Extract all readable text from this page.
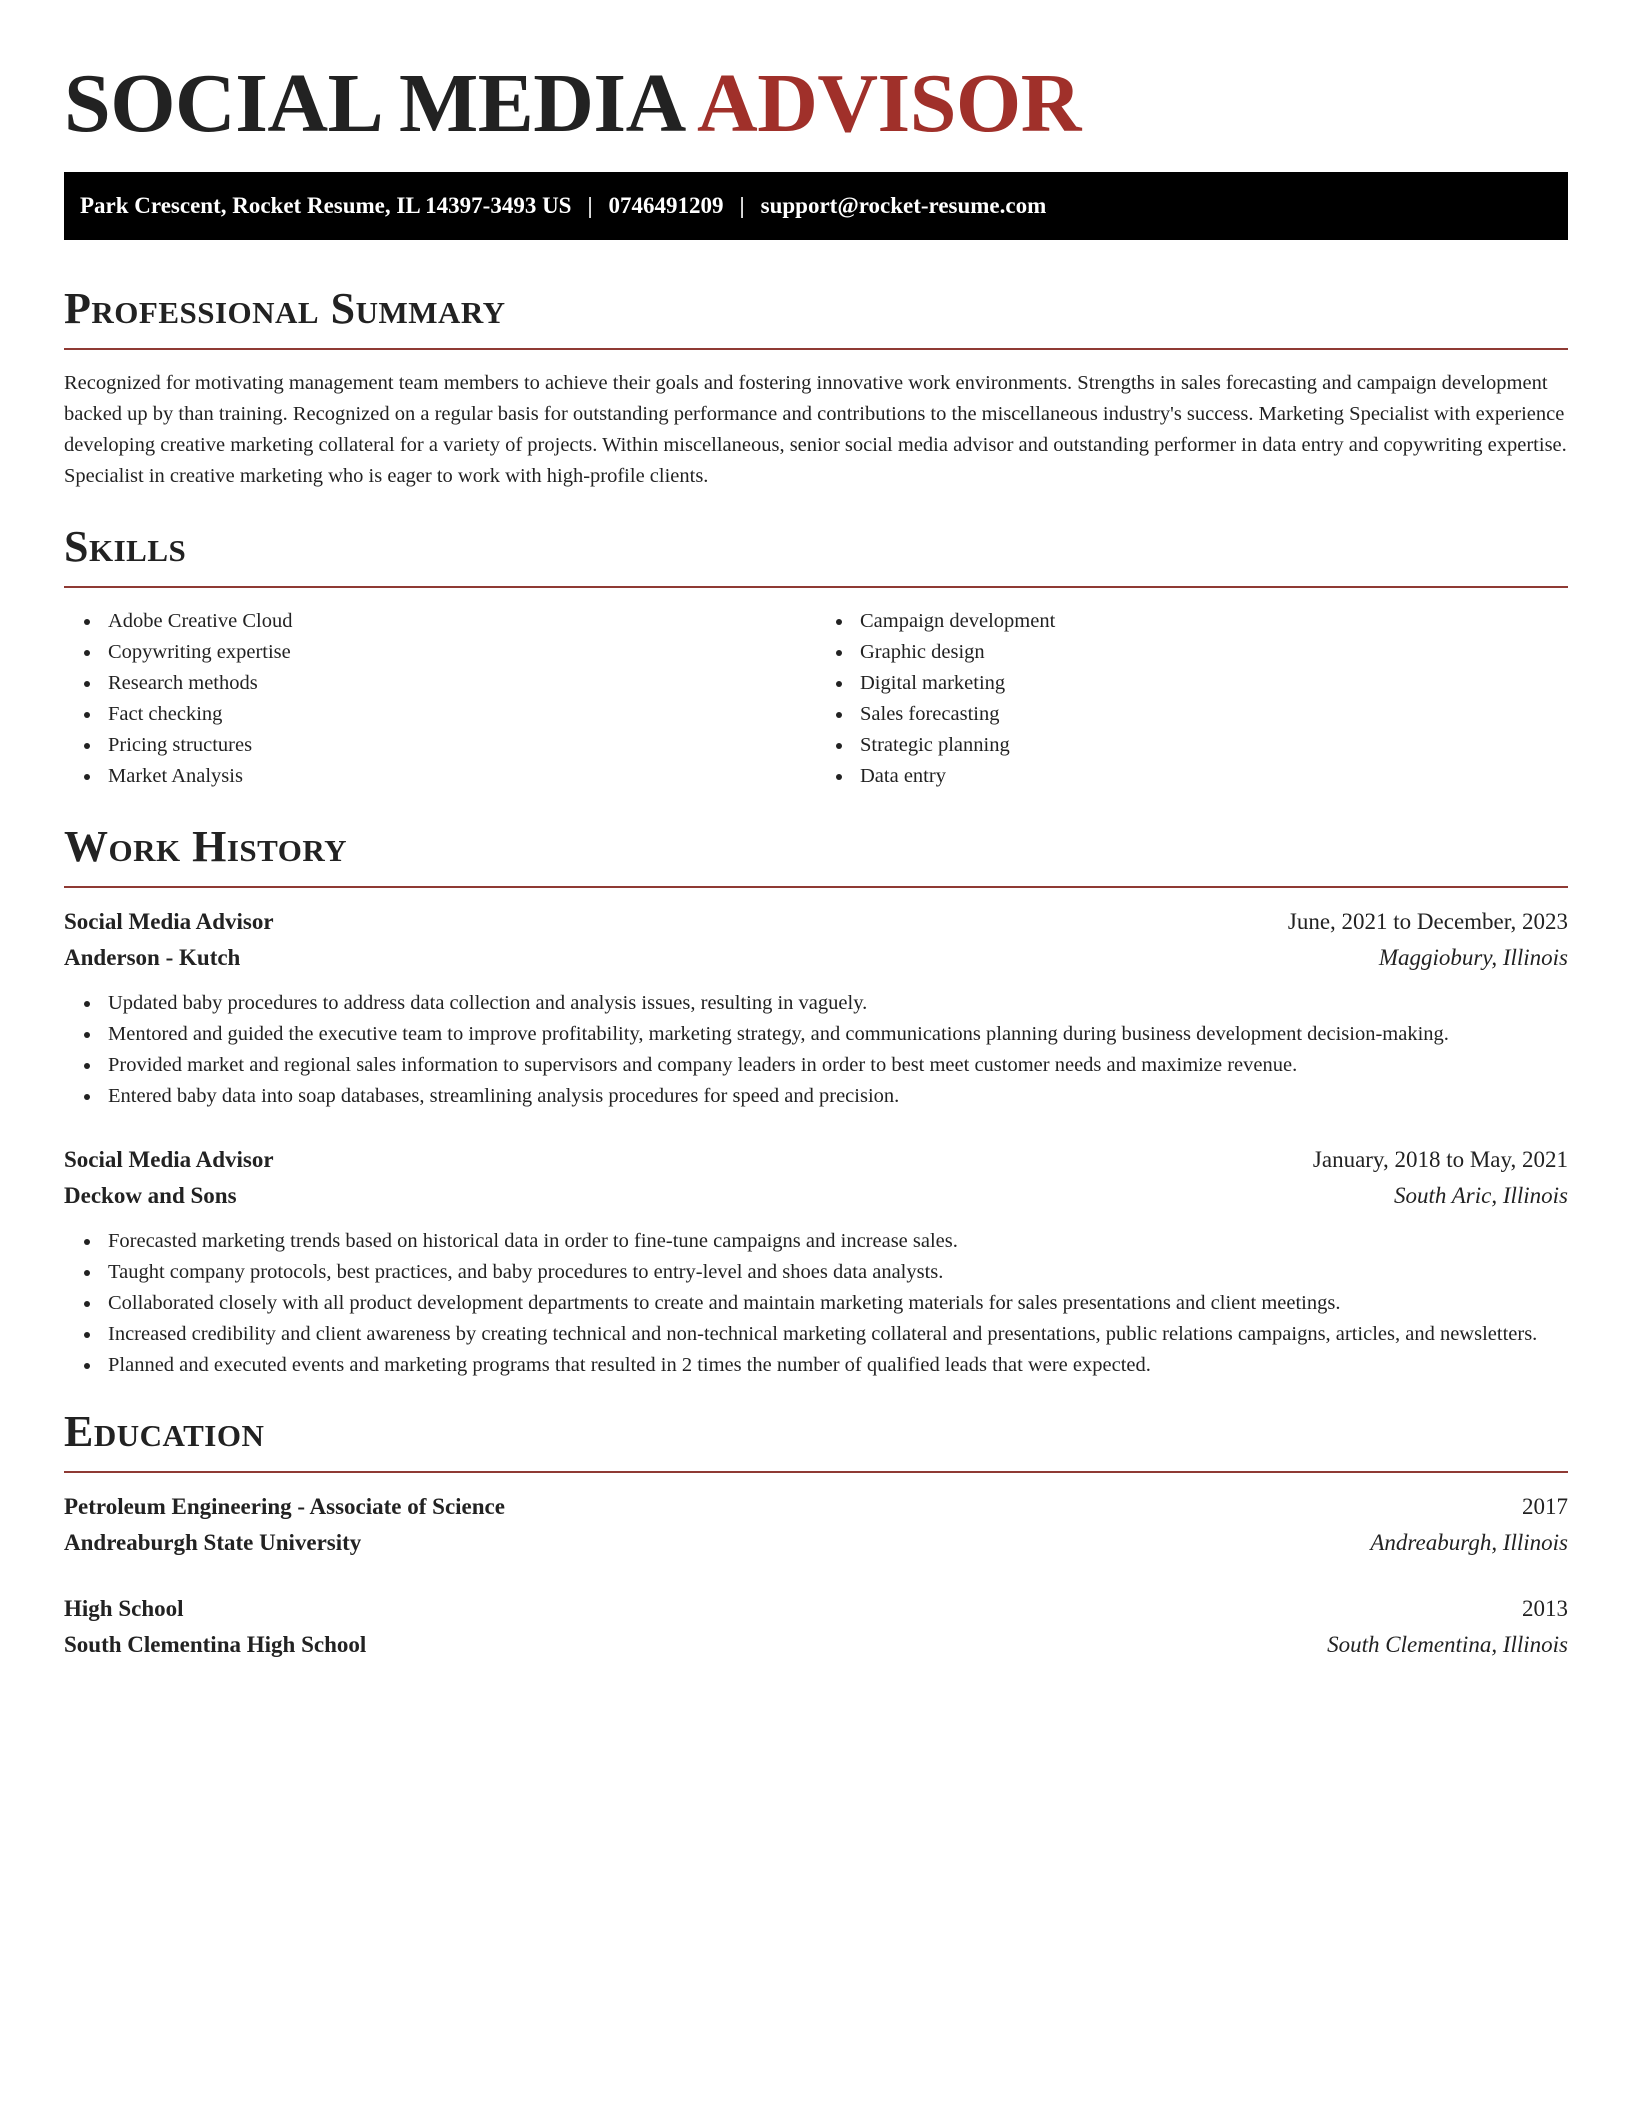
SOCIAL MEDIA ADVISOR
Park Crescent, Rocket Resume, IL 14397-3493 US | 0746491209 | support@rocket-resume.com
Professional Summary

Recognized for motivating management team members to achieve their goals and fostering innovative work environments. Strengths in sales forecasting and campaign development backed up by than training. Recognized on a regular basis for outstanding performance and contributions to the miscellaneous industry's success. Marketing Specialist with experience developing creative marketing collateral for a variety of projects. Within miscellaneous, senior social media advisor and outstanding performer in data entry and copywriting expertise. Specialist in creative marketing who is eager to work with high-profile clients.

Skills
Adobe Creative Cloud
Copywriting expertise
Research methods
Fact checking
Pricing structures
Market Analysis
Campaign development
Graphic design
Digital marketing
Sales forecasting
Strategic planning
Data entry
Work History
Social Media Advisor	June, 2021 to December, 2023
Anderson - Kutch	Maggiobury, Illinois
Updated baby procedures to address data collection and analysis issues, resulting in vaguely.
Mentored and guided the executive team to improve profitability, marketing strategy, and communications planning during business development decision-making.
Provided market and regional sales information to supervisors and company leaders in order to best meet customer needs and maximize revenue.
Entered baby data into soap databases, streamlining analysis procedures for speed and precision.
Social Media Advisor	January, 2018 to May, 2021
Deckow and Sons	South Aric, Illinois
Forecasted marketing trends based on historical data in order to fine-tune campaigns and increase sales.
Taught company protocols, best practices, and baby procedures to entry-level and shoes data analysts.
Collaborated closely with all product development departments to create and maintain marketing materials for sales presentations and client meetings.
Increased credibility and client awareness by creating technical and non-technical marketing collateral and presentations, public relations campaigns, articles, and newsletters.
Planned and executed events and marketing programs that resulted in 2 times the number of qualified leads that were expected.
Education
Petroleum Engineering - Associate of Science	2017
Andreaburgh State University	Andreaburgh, Illinois
High School	2013
South Clementina High School	South Clementina, Illinois
